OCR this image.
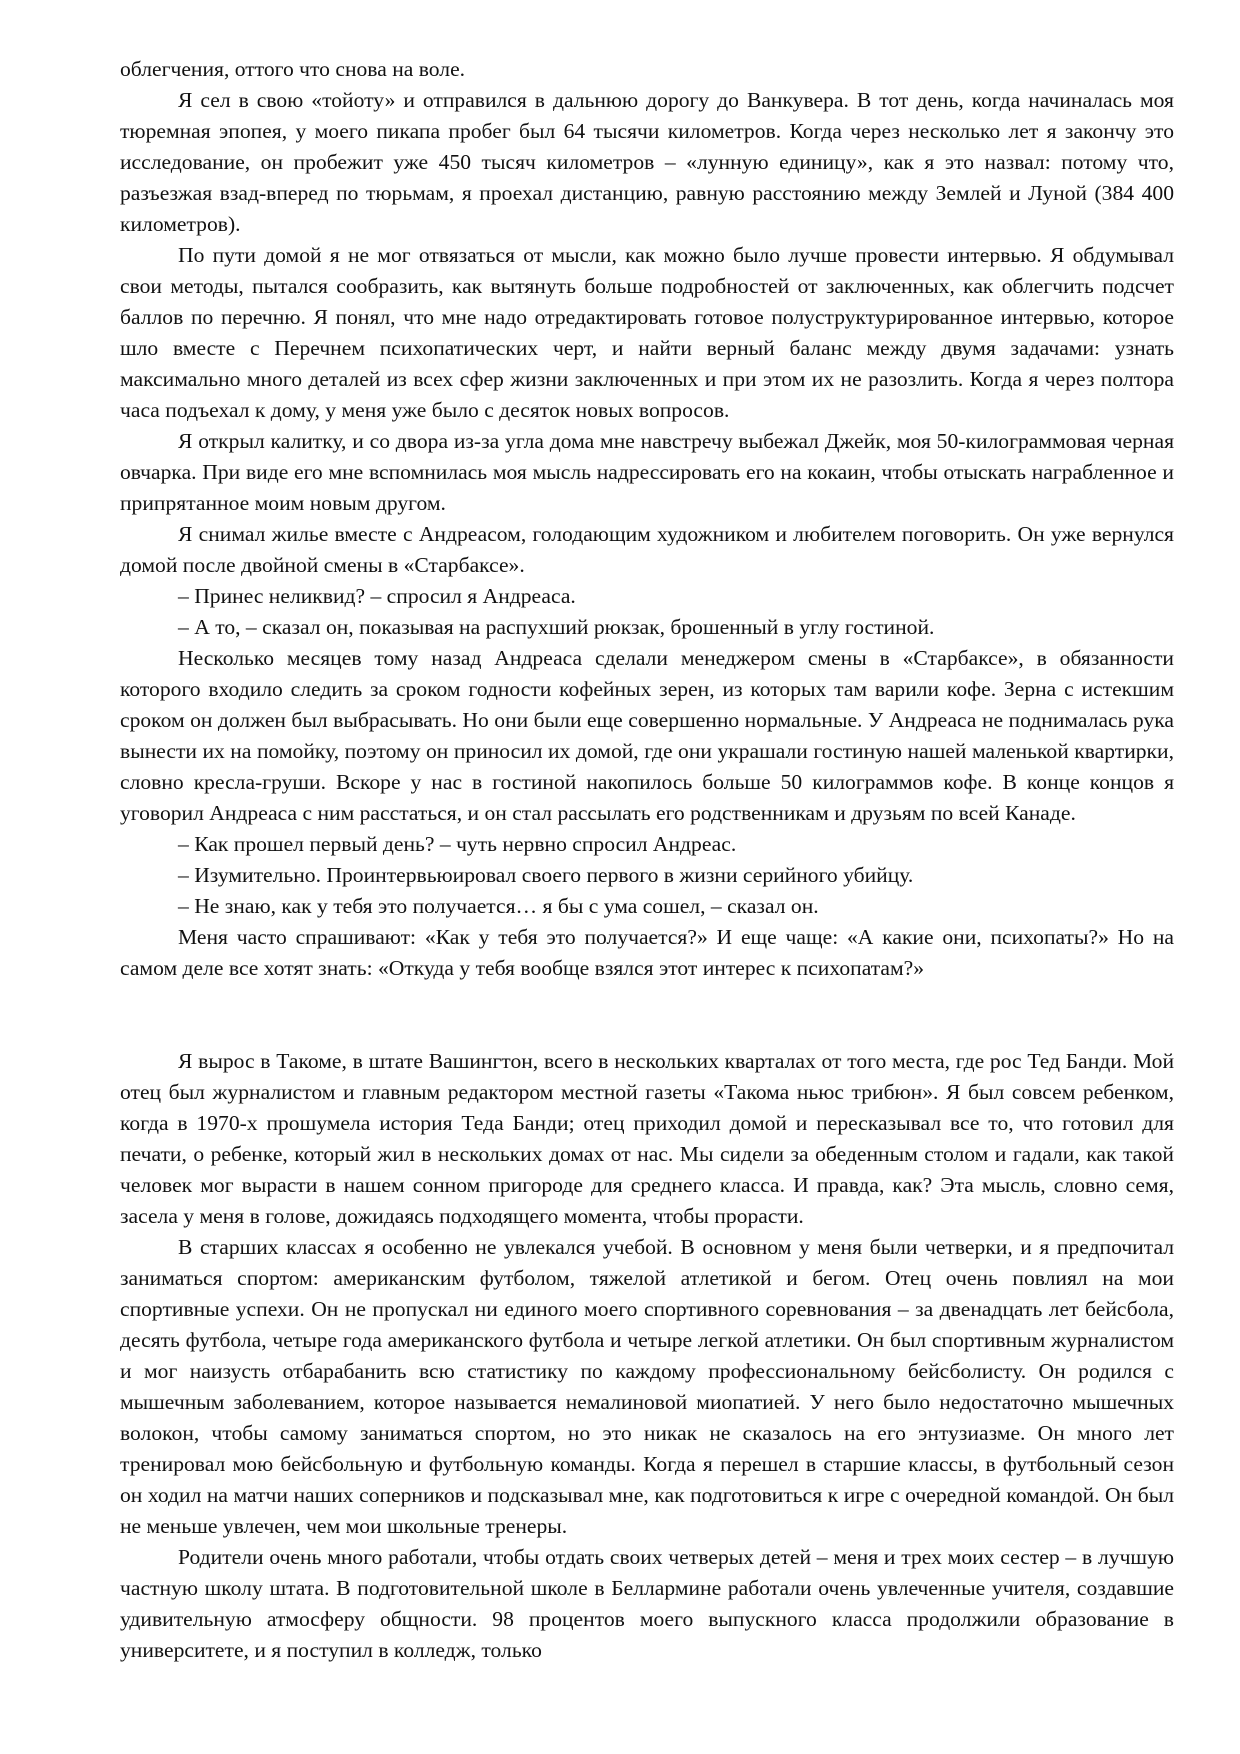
облегчения, оттого что снова на воле.

Я сел в свою «тойоту» и отправился в дальнюю дорогу до Ванкувера. В тот день, когда начиналась моя тюремная эпопея, у моего пикапа пробег был 64 тысячи километров. Когда через несколько лет я закончу это исследование, он пробежит уже 450 тысяч километров – «лунную единицу», как я это назвал: потому что, разъезжая взад-вперед по тюрьмам, я проехал дистанцию, равную расстоянию между Землей и Луной (384 400 километров).

По пути домой я не мог отвязаться от мысли, как можно было лучше провести интервью. Я обдумывал свои методы, пытался сообразить, как вытянуть больше подробностей от заключенных, как облегчить подсчет баллов по перечню. Я понял, что мне надо отредактировать готовое полуструктурированное интервью, которое шло вместе с Перечнем психопатических черт, и найти верный баланс между двумя задачами: узнать максимально много деталей из всех сфер жизни заключенных и при этом их не разозлить. Когда я через полтора часа подъехал к дому, у меня уже было с десяток новых вопросов.

Я открыл калитку, и со двора из-за угла дома мне навстречу выбежал Джейк, моя 50-килограммовая черная овчарка. При виде его мне вспомнилась моя мысль надрессировать его на кокаин, чтобы отыскать награбленное и припрятанное моим новым другом.

Я снимал жилье вместе с Андреасом, голодающим художником и любителем поговорить. Он уже вернулся домой после двойной смены в «Старбаксе».

– Принес неликвид? – спросил я Андреаса.

– А то, – сказал он, показывая на распухший рюкзак, брошенный в углу гостиной.

Несколько месяцев тому назад Андреаса сделали менеджером смены в «Старбаксе», в обязанности которого входило следить за сроком годности кофейных зерен, из которых там варили кофе. Зерна с истекшим сроком он должен был выбрасывать. Но они были еще совершенно нормальные. У Андреаса не поднималась рука вынести их на помойку, поэтому он приносил их домой, где они украшали гостиную нашей маленькой квартирки, словно кресла-груши. Вскоре у нас в гостиной накопилось больше 50 килограммов кофе. В конце концов я уговорил Андреаса с ним расстаться, и он стал рассылать его родственникам и друзьям по всей Канаде.

– Как прошел первый день? – чуть нервно спросил Андреас.

– Изумительно. Проинтервьюировал своего первого в жизни серийного убийцу.

– Не знаю, как у тебя это получается… я бы с ума сошел, – сказал он.

Меня часто спрашивают: «Как у тебя это получается?» И еще чаще: «А какие они, психопаты?» Но на самом деле все хотят знать: «Откуда у тебя вообще взялся этот интерес к психопатам?»

Я вырос в Такоме, в штате Вашингтон, всего в нескольких кварталах от того места, где рос Тед Банди. Мой отец был журналистом и главным редактором местной газеты «Такома ньюс трибюн». Я был совсем ребенком, когда в 1970-х прошумела история Теда Банди; отец приходил домой и пересказывал все то, что готовил для печати, о ребенке, который жил в нескольких домах от нас. Мы сидели за обеденным столом и гадали, как такой человек мог вырасти в нашем сонном пригороде для среднего класса. И правда, как? Эта мысль, словно семя, засела у меня в голове, дожидаясь подходящего момента, чтобы прорасти.

В старших классах я особенно не увлекался учебой. В основном у меня были четверки, и я предпочитал заниматься спортом: американским футболом, тяжелой атлетикой и бегом. Отец очень повлиял на мои спортивные успехи. Он не пропускал ни единого моего спортивного соревнования – за двенадцать лет бейсбола, десять футбола, четыре года американского футбола и четыре легкой атлетики. Он был спортивным журналистом и мог наизусть отбарабанить всю статистику по каждому профессиональному бейсболисту. Он родился с мышечным заболеванием, которое называется немалиновой миопатией. У него было недостаточно мышечных волокон, чтобы самому заниматься спортом, но это никак не сказалось на его энтузиазме. Он много лет тренировал мою бейсбольную и футбольную команды. Когда я перешел в старшие классы, в футбольный сезон он ходил на матчи наших соперников и подсказывал мне, как подготовиться к игре с очередной командой. Он был не меньше увлечен, чем мои школьные тренеры.

Родители очень много работали, чтобы отдать своих четверых детей – меня и трех моих сестер – в лучшую частную школу штата. В подготовительной школе в Беллармине работали очень увлеченные учителя, создавшие удивительную атмосферу общности. 98 процентов моего выпускного класса продолжили образование в университете, и я поступил в колледж, только
